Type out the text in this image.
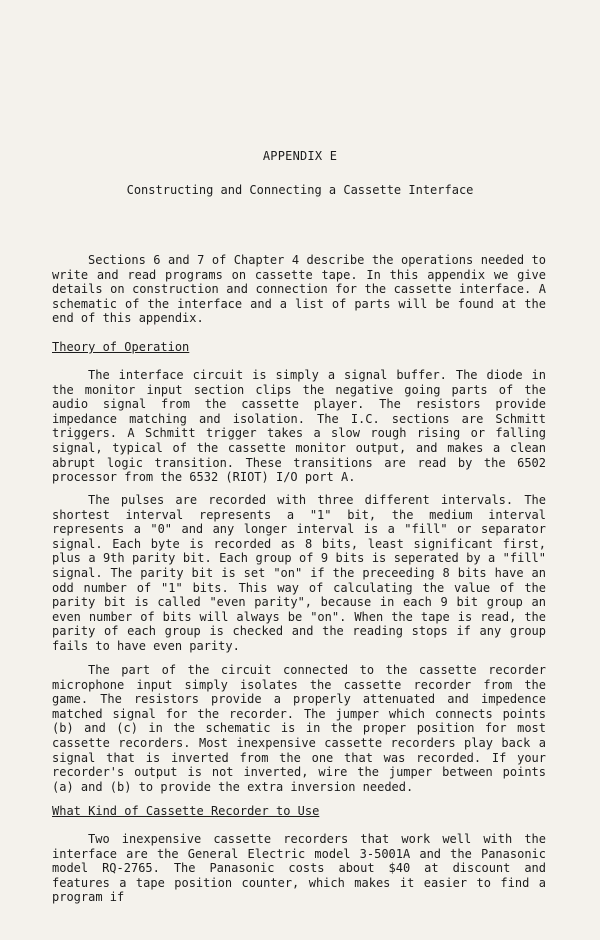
APPENDIX E
Constructing and Connecting a Cassette Interface
Sections 6 and 7 of Chapter 4 describe the operations needed to write and read programs on cassette tape. In this appendix we give details on construction and connection for the cassette interface. A schematic of the interface and a list of parts will be found at the end of this appendix.
Theory of Operation
The interface circuit is simply a signal buffer. The diode in the monitor input section clips the negative going parts of the audio signal from the cassette player. The resistors provide impedance matching and isolation. The I.C. sections are Schmitt triggers. A Schmitt trigger takes a slow rough rising or falling signal, typical of the cassette monitor output, and makes a clean abrupt logic transition. These transitions are read by the 6502 processor from the 6532 (RIOT) I/O port A.
The pulses are recorded with three different intervals. The shortest interval represents a "1" bit, the medium interval represents a "0" and any longer interval is a "fill" or separator signal. Each byte is recorded as 8 bits, least significant first, plus a 9th parity bit. Each group of 9 bits is seperated by a "fill" signal. The parity bit is set "on" if the preceeding 8 bits have an odd number of "1" bits. This way of calculating the value of the parity bit is called "even parity", because in each 9 bit group an even number of bits will always be "on". When the tape is read, the parity of each group is checked and the reading stops if any group fails to have even parity.
The part of the circuit connected to the cassette recorder microphone input simply isolates the cassette recorder from the game. The resistors provide a properly attenuated and impedence matched signal for the recorder. The jumper which connects points (b) and (c) in the schematic is in the proper position for most cassette recorders. Most inexpensive cassette recorders play back a signal that is inverted from the one that was recorded. If your recorder's output is not inverted, wire the jumper between points (a) and (b) to provide the extra inversion needed.
What Kind of Cassette Recorder to Use
Two inexpensive cassette recorders that work well with the interface are the General Electric model 3-5001A and the Panasonic model RQ-2765. The Panasonic costs about $40 at discount and features a tape position counter, which makes it easier to find a program if
